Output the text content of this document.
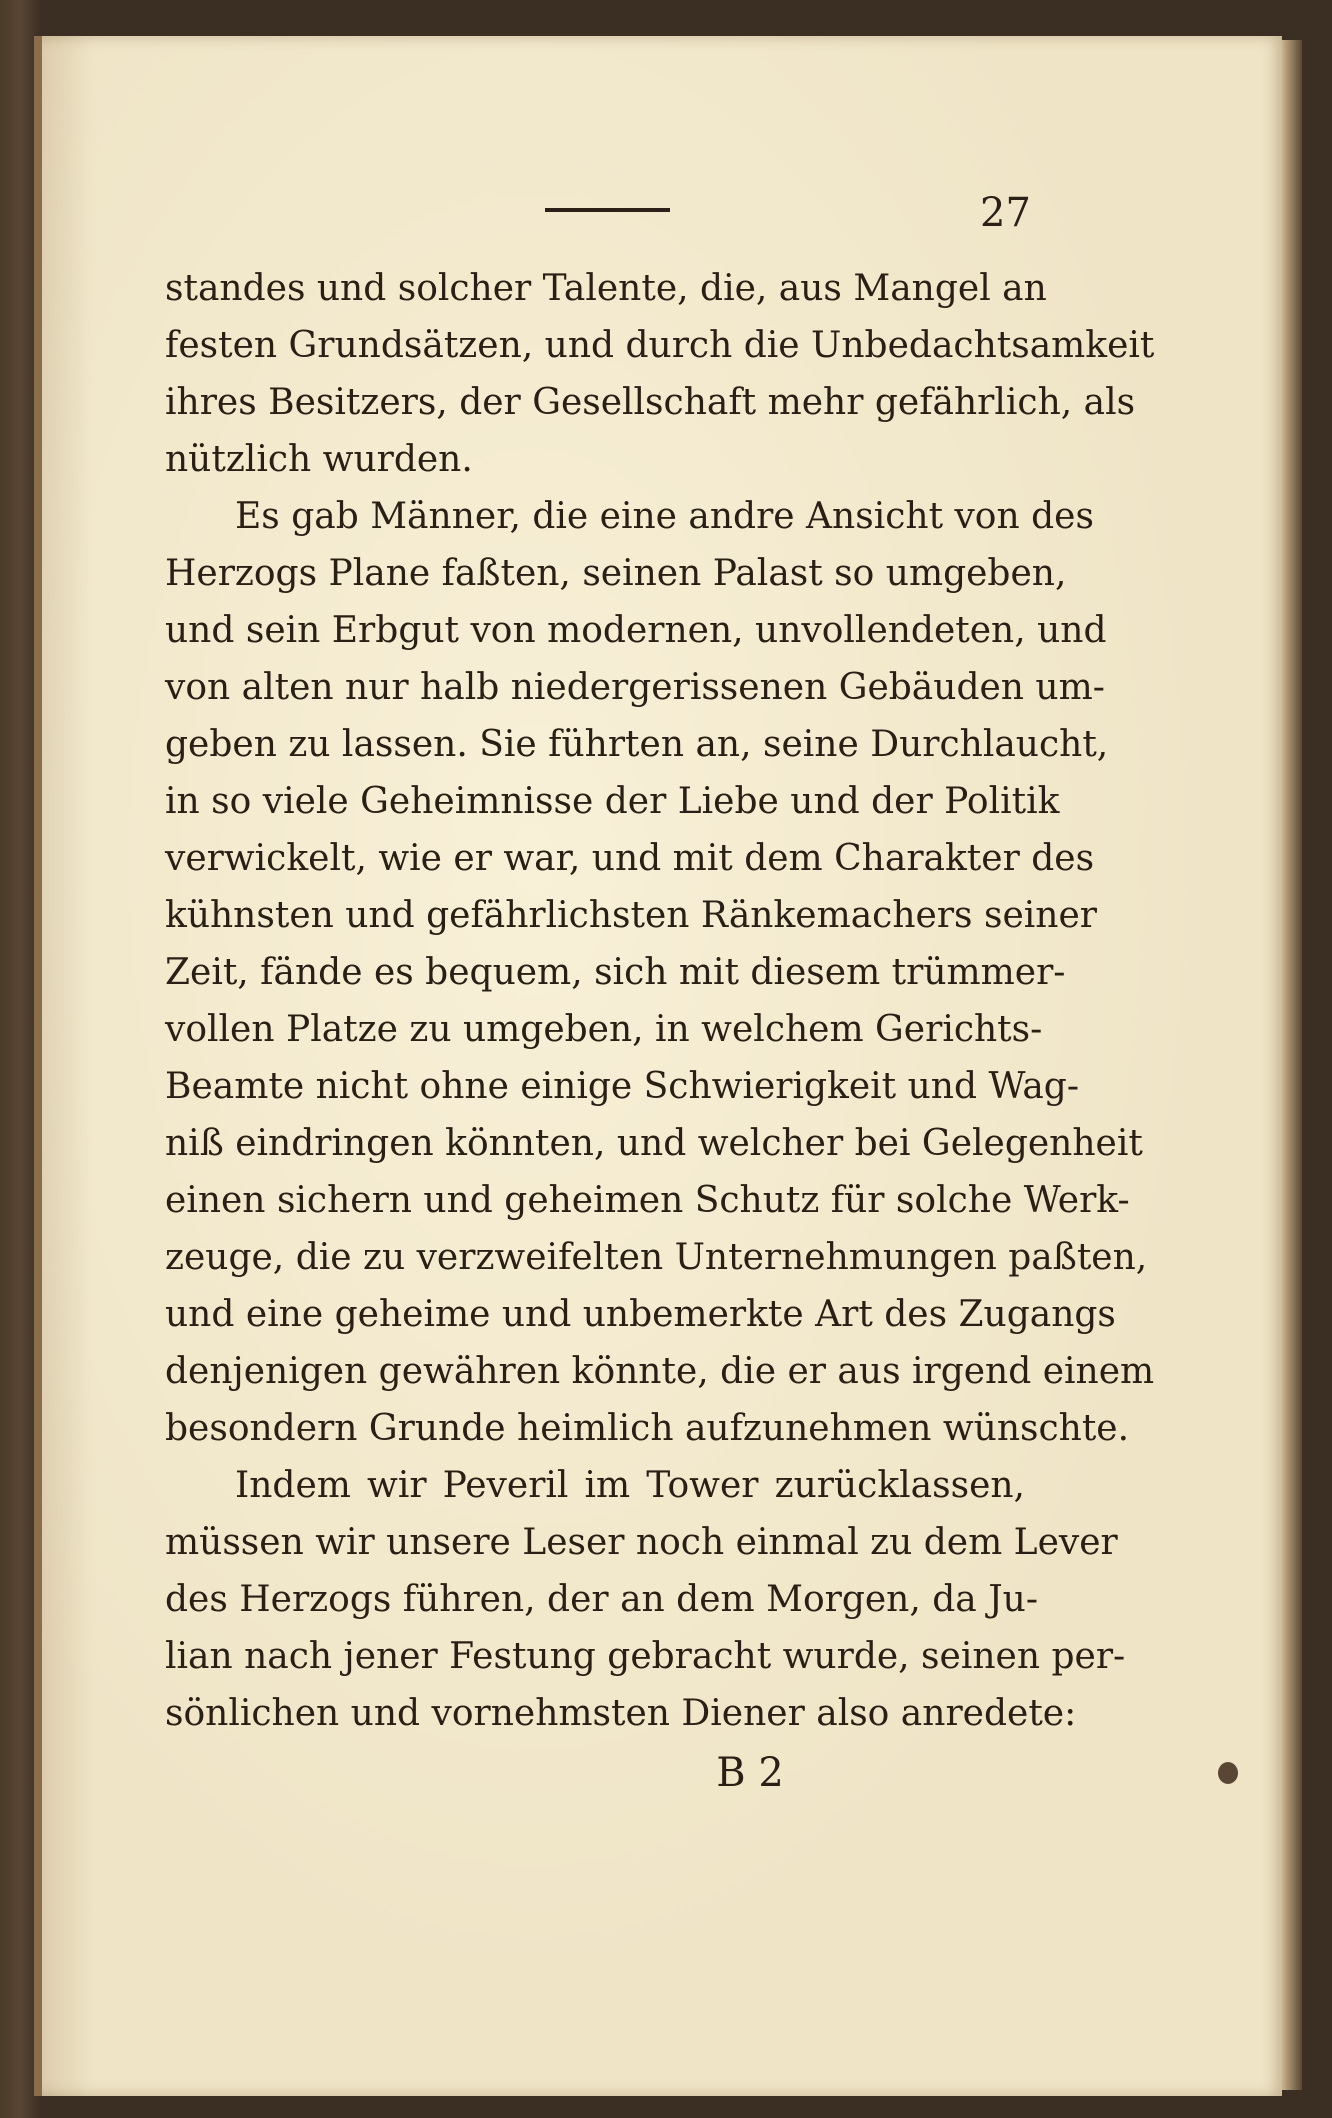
27
standes und solcher Talente, die, aus Mangel an
festen Grundsätzen, und durch die Unbedachtsamkeit
ihres Besitzers, der Gesellschaft mehr gefährlich, als
nützlich wurden.
Es gab Männer, die eine andre Ansicht von des
Herzogs Plane faßten, seinen Palast so umgeben,
und sein Erbgut von modernen, unvollendeten, und
von alten nur halb niedergerissenen Gebäuden um-
geben zu lassen. Sie führten an, seine Durchlaucht,
in so viele Geheimnisse der Liebe und der Politik
verwickelt, wie er war, und mit dem Charakter des
kühnsten und gefährlichsten Ränkemachers seiner
Zeit, fände es bequem, sich mit diesem trümmer-
vollen Platze zu umgeben, in welchem Gerichts-
Beamte nicht ohne einige Schwierigkeit und Wag-
niß eindringen könnten, und welcher bei Gelegenheit
einen sichern und geheimen Schutz für solche Werk-
zeuge, die zu verzweifelten Unternehmungen paßten,
und eine geheime und unbemerkte Art des Zugangs
denjenigen gewähren könnte, die er aus irgend einem
besondern Grunde heimlich aufzunehmen wünschte.
Indem wir Peveril im Tower zurücklassen,
müssen wir unsere Leser noch einmal zu dem Lever
des Herzogs führen, der an dem Morgen, da Ju-
lian nach jener Festung gebracht wurde, seinen per-
sönlichen und vornehmsten Diener also anredete:
B 2
